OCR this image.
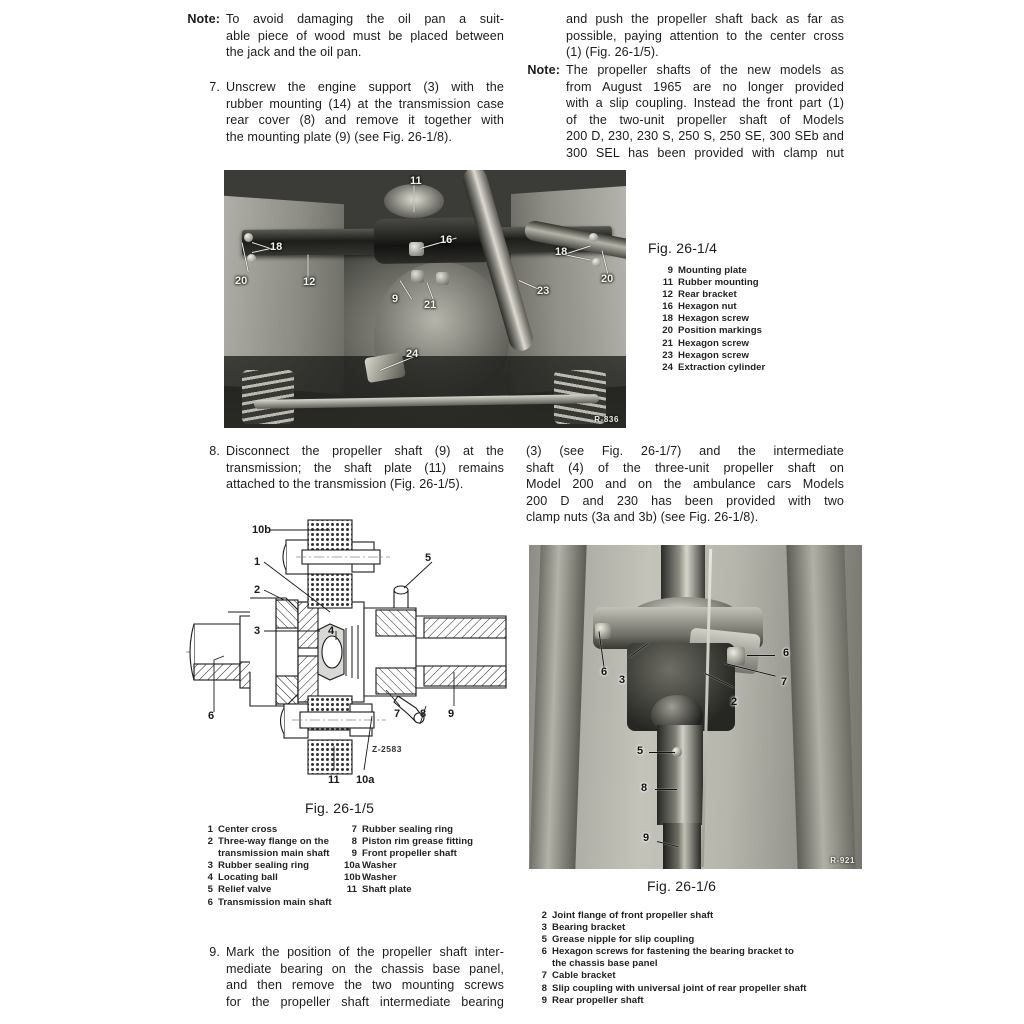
Note: To avoid damaging the oil pan a suit-
able piece of wood must be placed between
the jack and the oil pan.
7. Unscrew the engine support (3) with the
rubber mounting (14) at the transmission case
rear cover (8) and remove it together with
the mounting plate (9) (see Fig. 26-1/8).
and push the propeller shaft back as far as
possible, paying attention to the center cross
(1) (Fig. 26-1/5).
Note: The propeller shafts of the new models as
from August 1965 are no longer provided
with a slip coupling. Instead the front part (1)
of the two-unit propeller shaft of Models
200 D, 230, 230 S, 250 S, 250 SE, 300 SEb and
300 SEL has been provided with clamp nut
11
16
18	18
20	20
12
9 21
23
24
R-836
Fig. 26-1/4
9 Mounting plate
11 Rubber mounting
12 Rear bracket
16 Hexagon nut
18 Hexagon screw
20 Position markings
21 Hexagon screw
23 Hexagon screw
24 Extraction cylinder
8. Disconnect the propeller shaft (9) at the
transmission; the shaft plate (11) remains
attached to the transmission (Fig. 26-1/5).
(3) (see Fig. 26-1/7) and the intermediate
shaft (4) of the three-unit propeller shaft on
Model 200 and on the ambulance cars Models
200 D and 230 has been provided with two
clamp nuts (3a and 3b) (see Fig. 26-1/8).
10b
1
2
3	4
5
6	7 8 9
11 10a
Z-2583
Fig. 26-1/5
1 Center cross
2 Three-way flange on the
transmission main shaft
3 Rubber sealing ring
4 Locating ball
5 Relief valve
6 Transmission main shaft
7 Rubber sealing ring
8 Piston rim grease fitting
9 Front propeller shaft
10a Washer
10b Washer
11 Shaft plate
6
6
3	7
2
5
8
9
R-921
Fig. 26-1/6
2 Joint flange of front propeller shaft
3 Bearing bracket
5 Grease nipple for slip coupling
6 Hexagon screws for fastening the bearing bracket to
the chassis base panel
7 Cable bracket
8 Slip coupling with universal joint of rear propeller shaft
9 Rear propeller shaft
9. Mark the position of the propeller shaft inter-
mediate bearing on the chassis base panel,
and then remove the two mounting screws
for the propeller shaft intermediate bearing
